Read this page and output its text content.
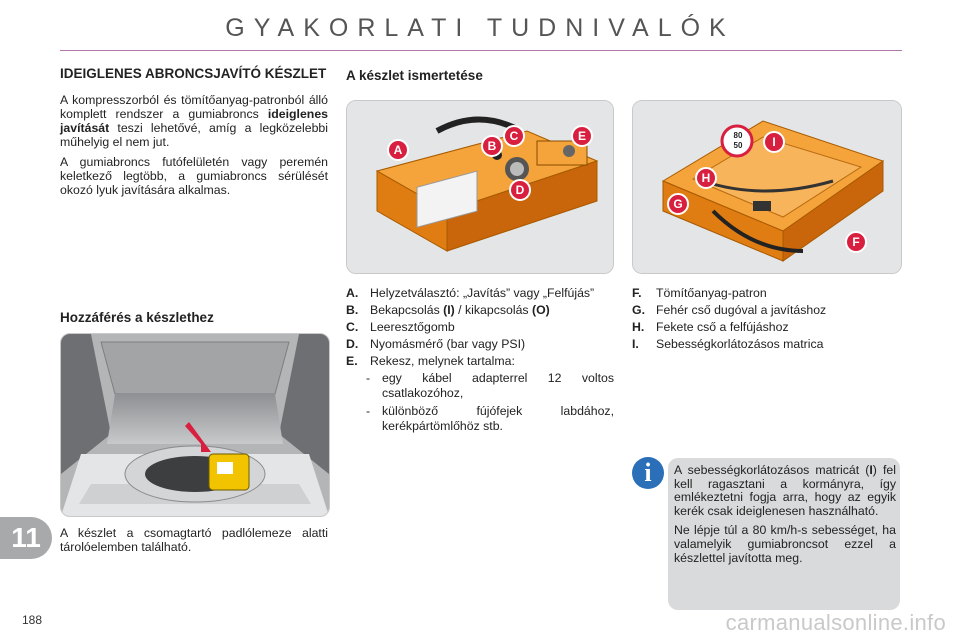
GYAKORLATI TUDNIVALÓK
IDEIGLENES ABRONCSJAVÍTÓ KÉSZLET

A kompresszorból és tömítőanyag-patronból álló komplett rendszer a gumiabroncs ideiglenes javítását teszi lehetővé, amíg a legközelebbi műhelyig el nem jut.

A gumiabroncs futófelületén vagy peremén keletkező legtöbb, a gumiabroncs sérülését okozó lyuk javítására alkalmas.

Hozzáférés a készlethez
A készlet a csomagtartó padlólemeze alatti tárolóelemben található.
A készlet ismertetése
A	B
C
D
E	80
50	I
H
G
F
A. Helyzetválasztó: „Javítás” vagy „Felfújás”
B. Bekapcsolás (I) / kikapcsolás (O)
C. Leeresztőgomb
D. Nyomásmérő (bar vagy PSI)
E.	Rekesz, melynek tartalma:
- egy kábel adapterrel 12 voltos csatlakozóhoz,
- különböző fújófejek labdához, kerékpártömlőhöz stb.
F.	Tömítőanyag-patron
G. Fehér cső dugóval a javításhoz
H. Fekete cső a felfújáshoz
I.	Sebességkorlátozásos matrica
i	A sebességkorlátozásos matricát (I) fel kell ragasztani a kormányra, így emlékeztetni fogja arra, hogy az egyik kerék csak ideiglenesen használható.

Ne lépje túl a 80 km/h-s sebességet, ha valamelyik gumiabroncsot ezzel a készlettel javította meg.

11
188	carmanualsonline.info
